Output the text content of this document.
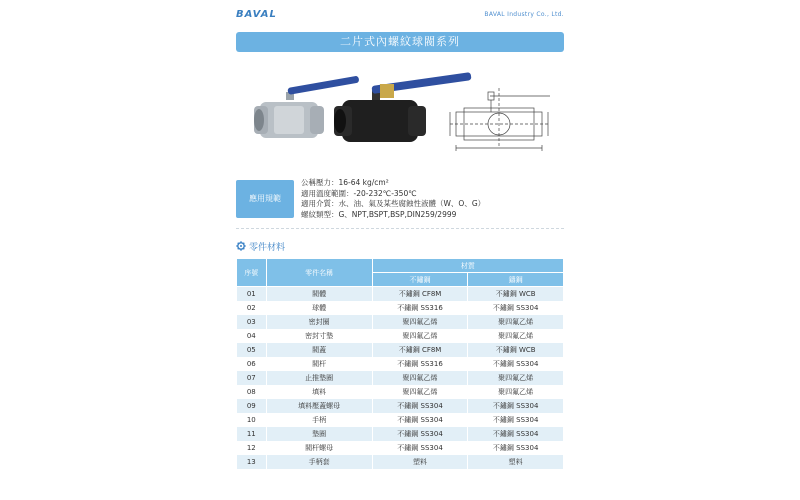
BAVAL	BAVAL Industry Co., Ltd.
二片式內螺紋球閥系列
應用規範
公稱壓力：16-64 kg/cm²
適用溫度範圍：-20-232℃-350℃
適用介質：水、油、氣及某些腐蝕性液體（W、O、G）
螺紋類型：G、NPT,BSPT,BSP,DIN259/2999
零件材料
序號	零件名稱	材質	
		不鏽鋼	鑄鋼
01	閥體	不鏽鋼 CF8M	不鏽鋼 WCB
02	球體	不鏽鋼 SS316	不鏽鋼 SS304
03	密封圈	聚四氟乙烯	聚四氟乙烯
04	密封寸墊	聚四氟乙烯	聚四氟乙烯
05	閥蓋	不鏽鋼 CF8M	不鏽鋼 WCB
06	閥杆	不鏽鋼 SS316	不鏽鋼 SS304
07	止推墊圈	聚四氟乙烯	聚四氟乙烯
08	填料	聚四氟乙烯	聚四氟乙烯
09	填料壓蓋螺母	不鏽鋼 SS304	不鏽鋼 SS304
10	手柄	不鏽鋼 SS304	不鏽鋼 SS304
11	墊圈	不鏽鋼 SS304	不鏽鋼 SS304
12	閥杆螺母	不鏽鋼 SS304	不鏽鋼 SS304
13	手柄套	塑料	塑料
